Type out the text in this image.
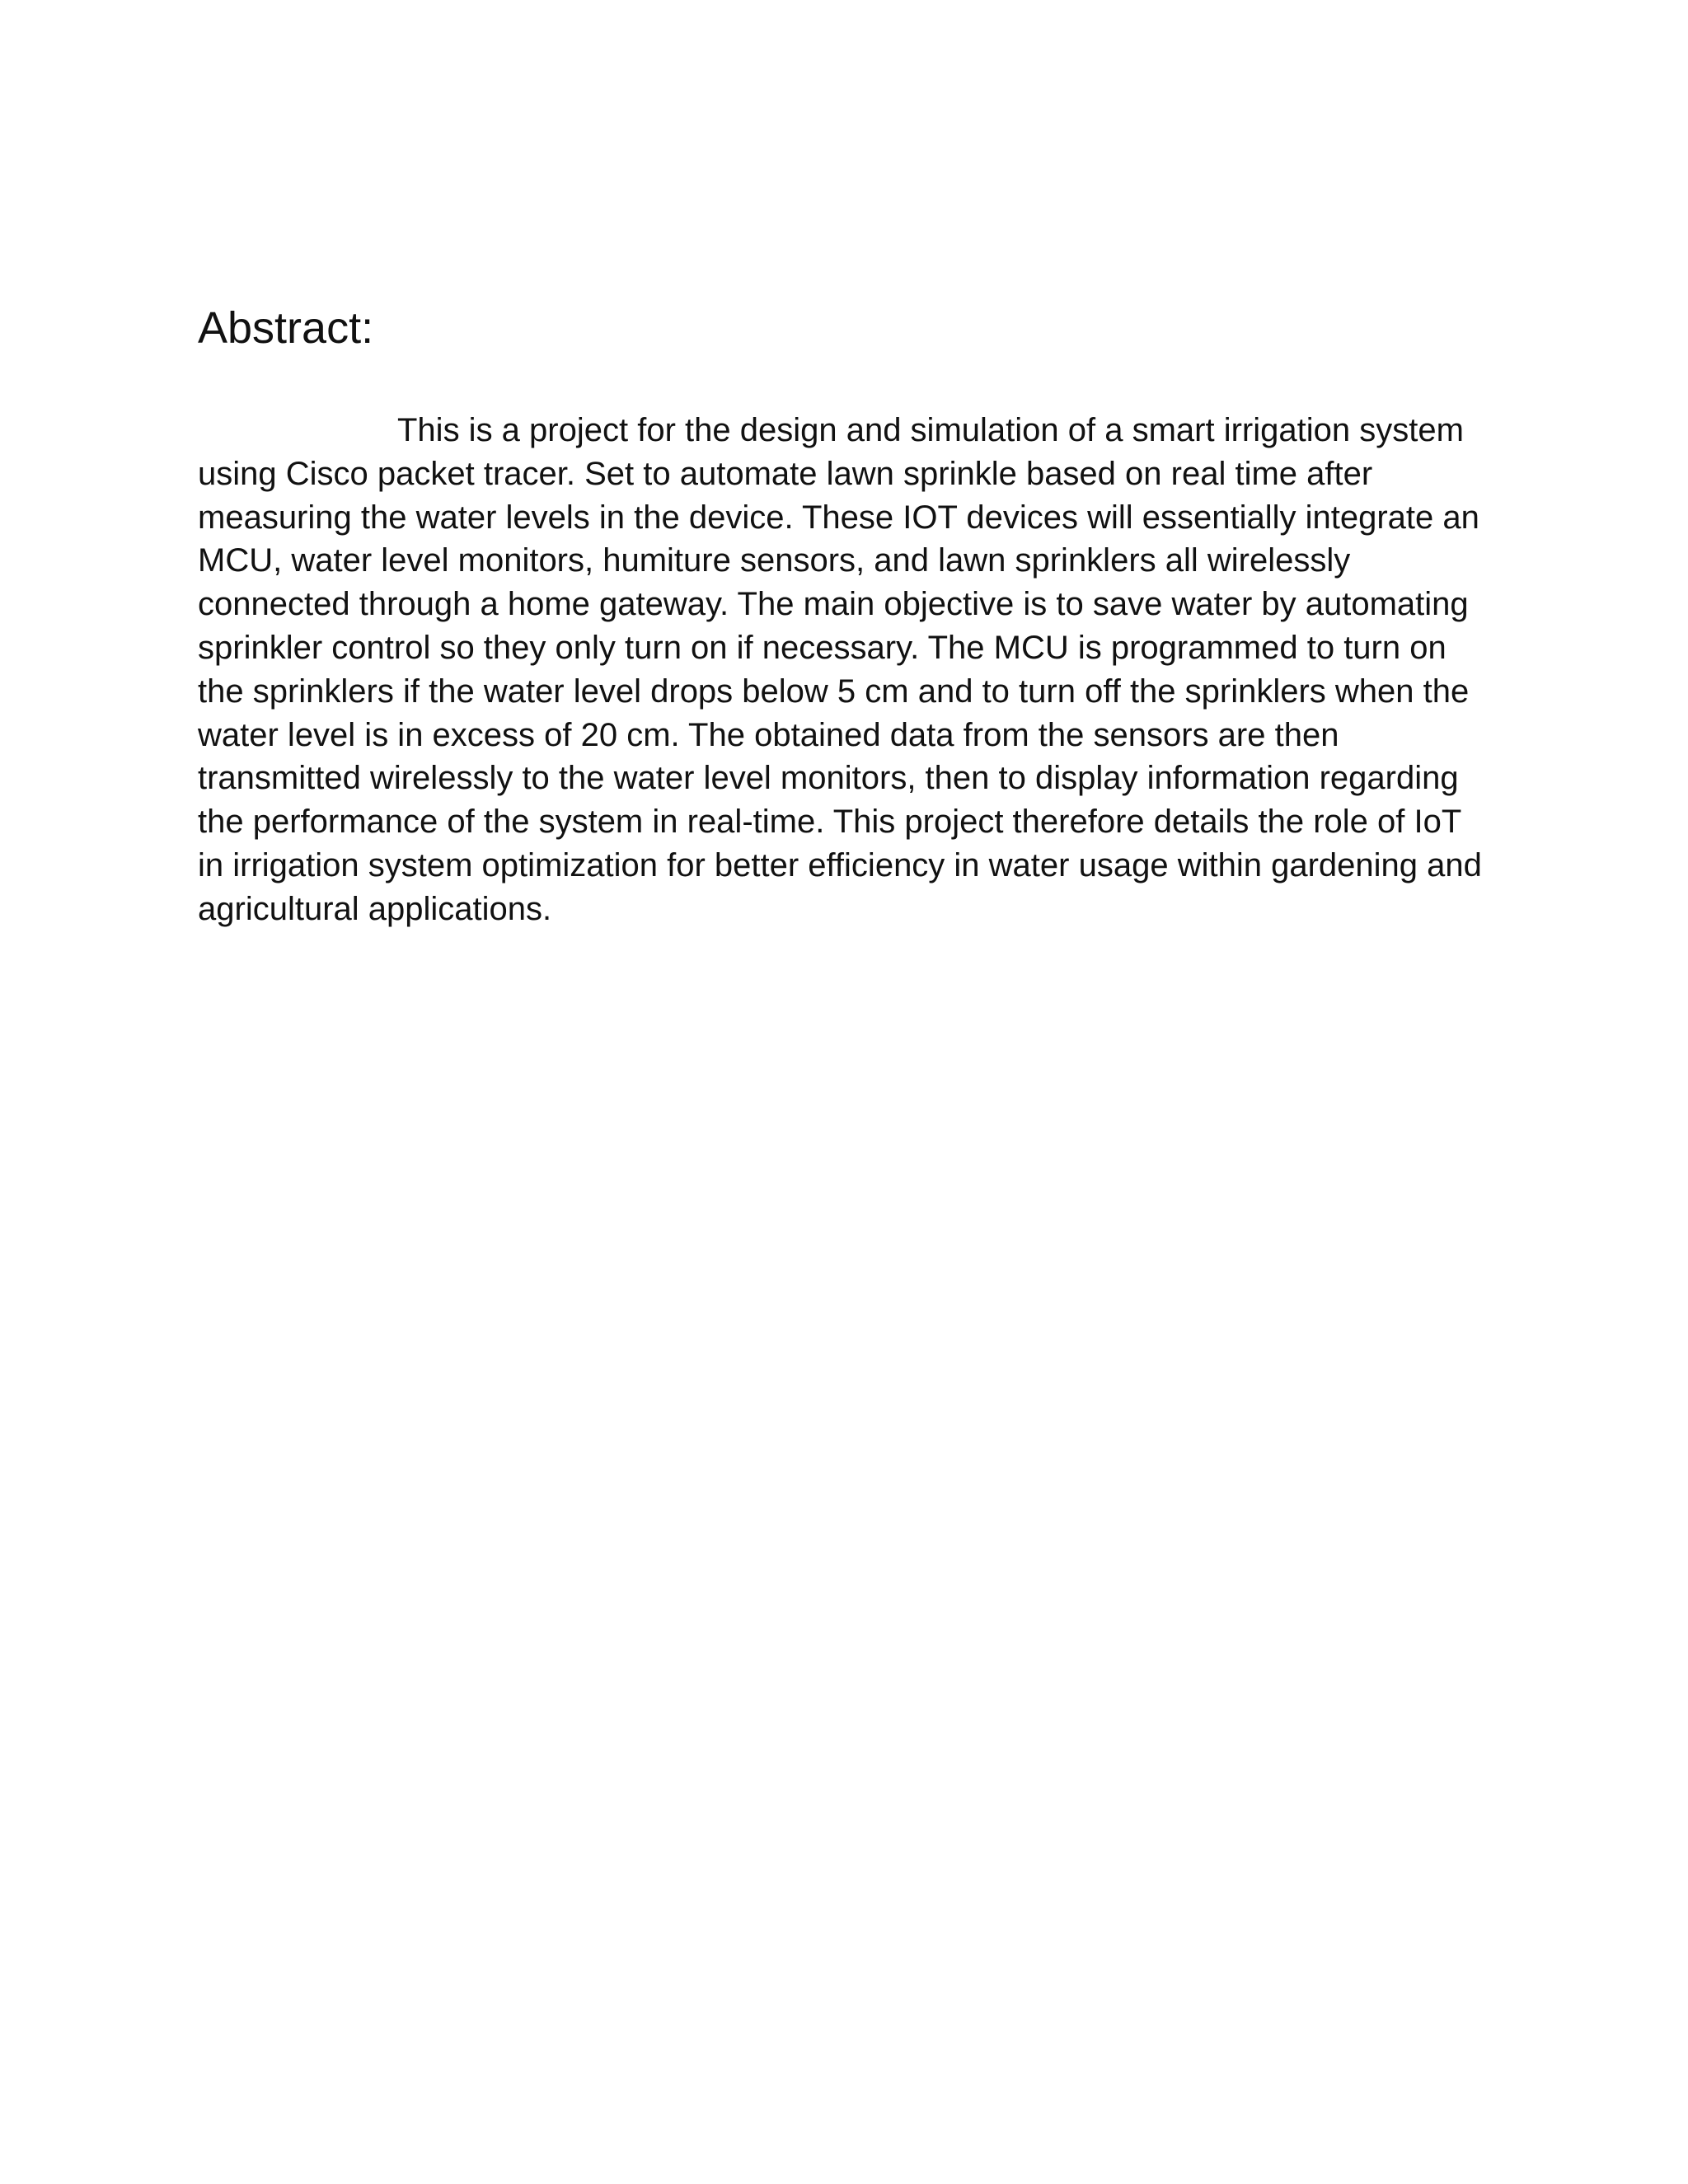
Abstract:
This is a project for the design and simulation of a smart irrigation system
using Cisco packet tracer. Set to automate lawn sprinkle based on real time after
measuring the water levels in the device. These IOT devices will essentially integrate an
MCU, water level monitors, humiture sensors, and lawn sprinklers all wirelessly
connected through a home gateway. The main objective is to save water by automating
sprinkler control so they only turn on if necessary. The MCU is programmed to turn on
the sprinklers if the water level drops below 5 cm and to turn off the sprinklers when the
water level is in excess of 20 cm. The obtained data from the sensors are then
transmitted wirelessly to the water level monitors, then to display information regarding
the performance of the system in real-time. This project therefore details the role of IoT
in irrigation system optimization for better efficiency in water usage within gardening and
agricultural applications.
